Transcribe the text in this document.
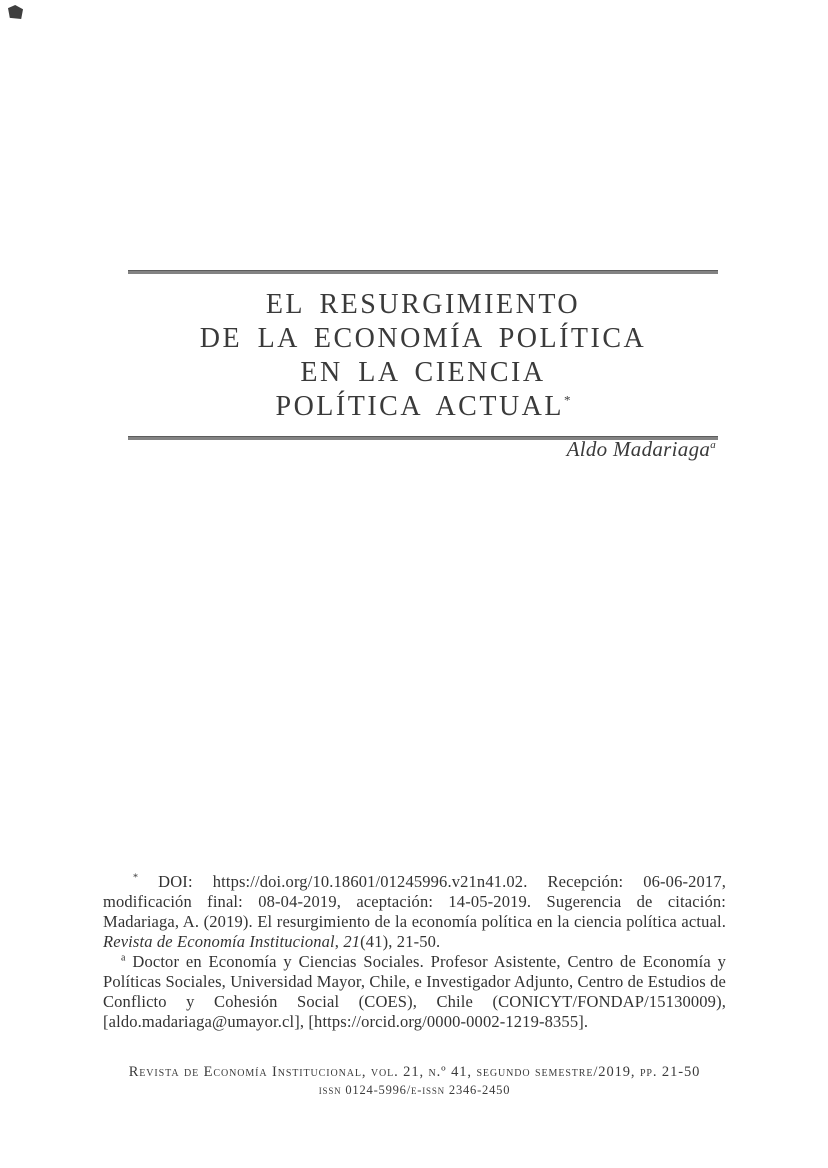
EL RESURGIMIENTO
DE LA ECONOMÍA POLÍTICA
EN LA CIENCIA
POLÍTICA ACTUAL*
Aldo Madariaga$^a$

* DOI: https://doi.org/10.18601/01245996.v21n41.02. Recepción: 06-06-2017, modificación final: 08-04-2019, aceptación: 14-05-2019. Sugerencia de citación: Madariaga, A. (2019). El resurgimiento de la economía política en la ciencia política actual. Revista de Economía Institucional, 21(41), 21-50.

$^a$ Doctor en Economía y Ciencias Sociales. Profesor Asistente, Centro de Economía y Políticas Sociales, Universidad Mayor, Chile, e Investigador Adjunto, Centro de Estudios de Conflicto y Cohesión Social (COES), Chile (CONICYT/FONDAP/15130009), [aldo.madariaga@umayor.cl], [https://orcid.org/0000-0002-1219-8355].

Revista de Economía Institucional, vol. 21, n.º 41, segundo semestre/2019, pp. 21-50
issn 0124-5996/e-issn 2346-2450
